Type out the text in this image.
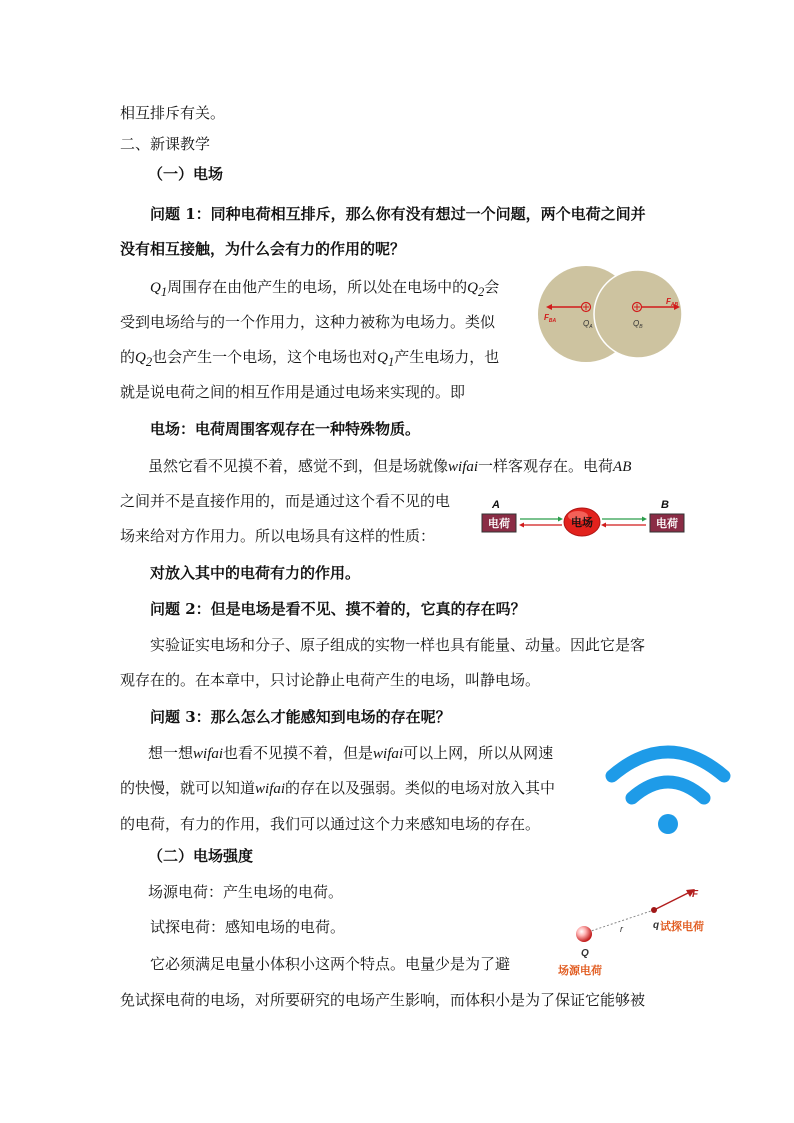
相互排斥有关。
二、新课教学
（一）电场
问题 1：同种电荷相互排斥，那么你有没有想过一个问题，两个电荷之间并
没有相互接触，为什么会有力的作用的呢？
$Q_1$周围存在由他产生的电场，所以处在电场中的$Q_2$会
受到电场给与的一个作用力，这种力被称为电场力。类似
的$Q_2$也会产生一个电场，这个电场也对$Q_1$产生电场力，也
就是说电荷之间的相互作用是通过电场来实现的。即
电场：电荷周围客观存在一种特殊物质。
虽然它看不见摸不着，感觉不到，但是场就像wifai一样客观存在。电荷AB
之间并不是直接作用的，而是通过这个看不见的电
场来给对方作用力。所以电场具有这样的性质：
对放入其中的电荷有力的作用。
问题 2：但是电场是看不见、摸不着的，它真的存在吗？
实验证实电场和分子、原子组成的实物一样也具有能量、动量。因此它是客
观存在的。在本章中，只讨论静止电荷产生的电场，叫静电场。
问题 3：那么怎么才能感知到电场的存在呢？
想一想wifai也看不见摸不着，但是wifai可以上网，所以从网速
的快慢，就可以知道wifai的存在以及强弱。类似的电场对放入其中
的电荷，有力的作用，我们可以通过这个力来感知电场的存在。
（二）电场强度
场源电荷：产生电场的电荷。
试探电荷：感知电场的电荷。
它必须满足电量小体积小这两个特点。电量少是为了避
免试探电荷的电场，对所要研究的电场产生影响，而体积小是为了保证它能够被
$F_{BA}$
$F_{AB}$
$Q_A$	$Q_B$
A	B
电荷	电荷
电场
F
q 试探电荷
r
Q
场源电荷
